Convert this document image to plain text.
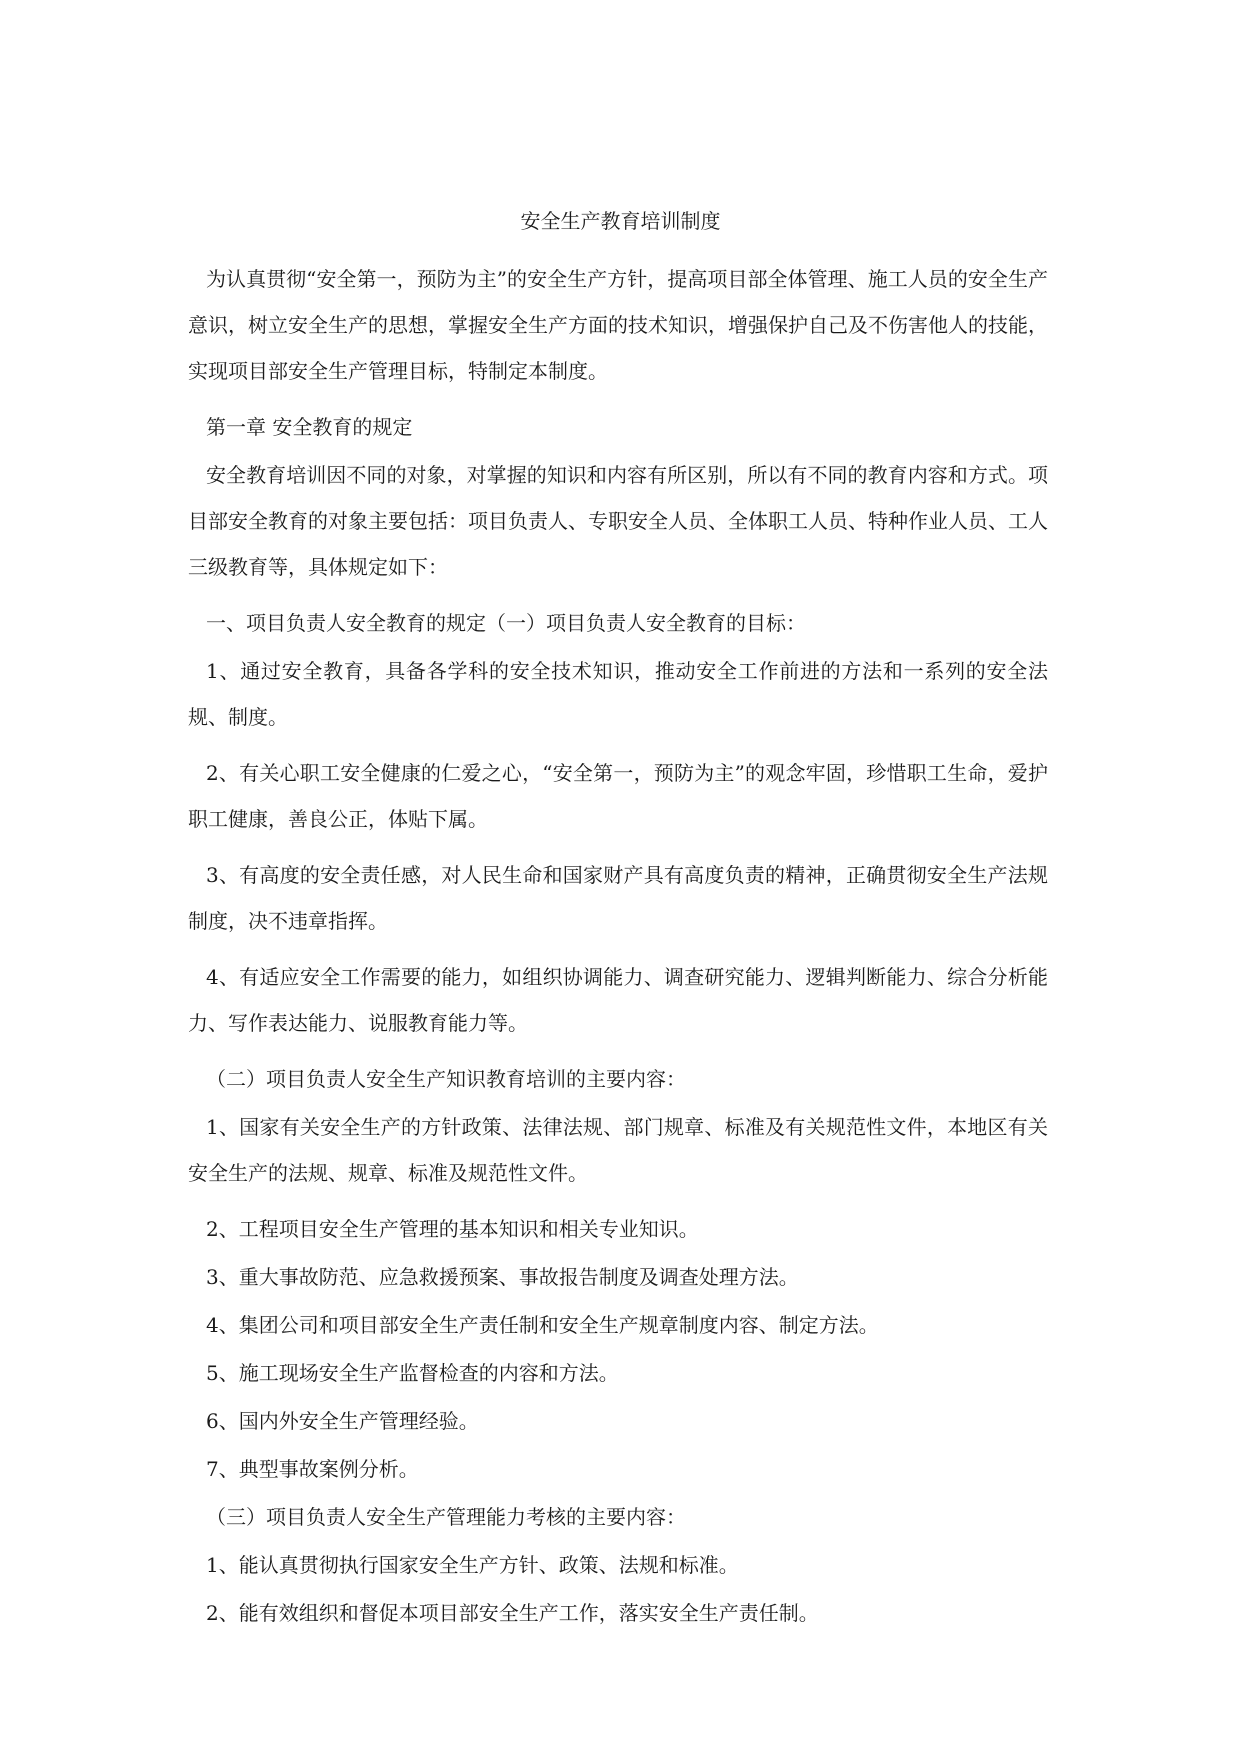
安全生产教育培训制度

为认真贯彻“安全第一，预防为主”的安全生产方针，提高项目部全体管理、施工人员的安全生产意识，树立安全生产的思想，掌握安全生产方面的技术知识，增强保护自己及不伤害他人的技能，实现项目部安全生产管理目标，特制定本制度。

第一章 安全教育的规定

安全教育培训因不同的对象，对掌握的知识和内容有所区别，所以有不同的教育内容和方式。项目部安全教育的对象主要包括：项目负责人、专职安全人员、全体职工人员、特种作业人员、工人三级教育等，具体规定如下：

一、项目负责人安全教育的规定（一）项目负责人安全教育的目标：

1、通过安全教育，具备各学科的安全技术知识，推动安全工作前进的方法和一系列的安全法规、制度。

2、有关心职工安全健康的仁爱之心，“安全第一，预防为主”的观念牢固，珍惜职工生命，爱护职工健康，善良公正，体贴下属。

3、有高度的安全责任感，对人民生命和国家财产具有高度负责的精神，正确贯彻安全生产法规制度，决不违章指挥。

4、有适应安全工作需要的能力，如组织协调能力、调查研究能力、逻辑判断能力、综合分析能力、写作表达能力、说服教育能力等。

（二）项目负责人安全生产知识教育培训的主要内容：

1、国家有关安全生产的方针政策、法律法规、部门规章、标准及有关规范性文件，本地区有关安全生产的法规、规章、标准及规范性文件。

2、工程项目安全生产管理的基本知识和相关专业知识。

3、重大事故防范、应急救援预案、事故报告制度及调查处理方法。

4、集团公司和项目部安全生产责任制和安全生产规章制度内容、制定方法。

5、施工现场安全生产监督检查的内容和方法。

6、国内外安全生产管理经验。

7、典型事故案例分析。

（三）项目负责人安全生产管理能力考核的主要内容：

1、能认真贯彻执行国家安全生产方针、政策、法规和标准。

2、能有效组织和督促本项目部安全生产工作，落实安全生产责任制。
